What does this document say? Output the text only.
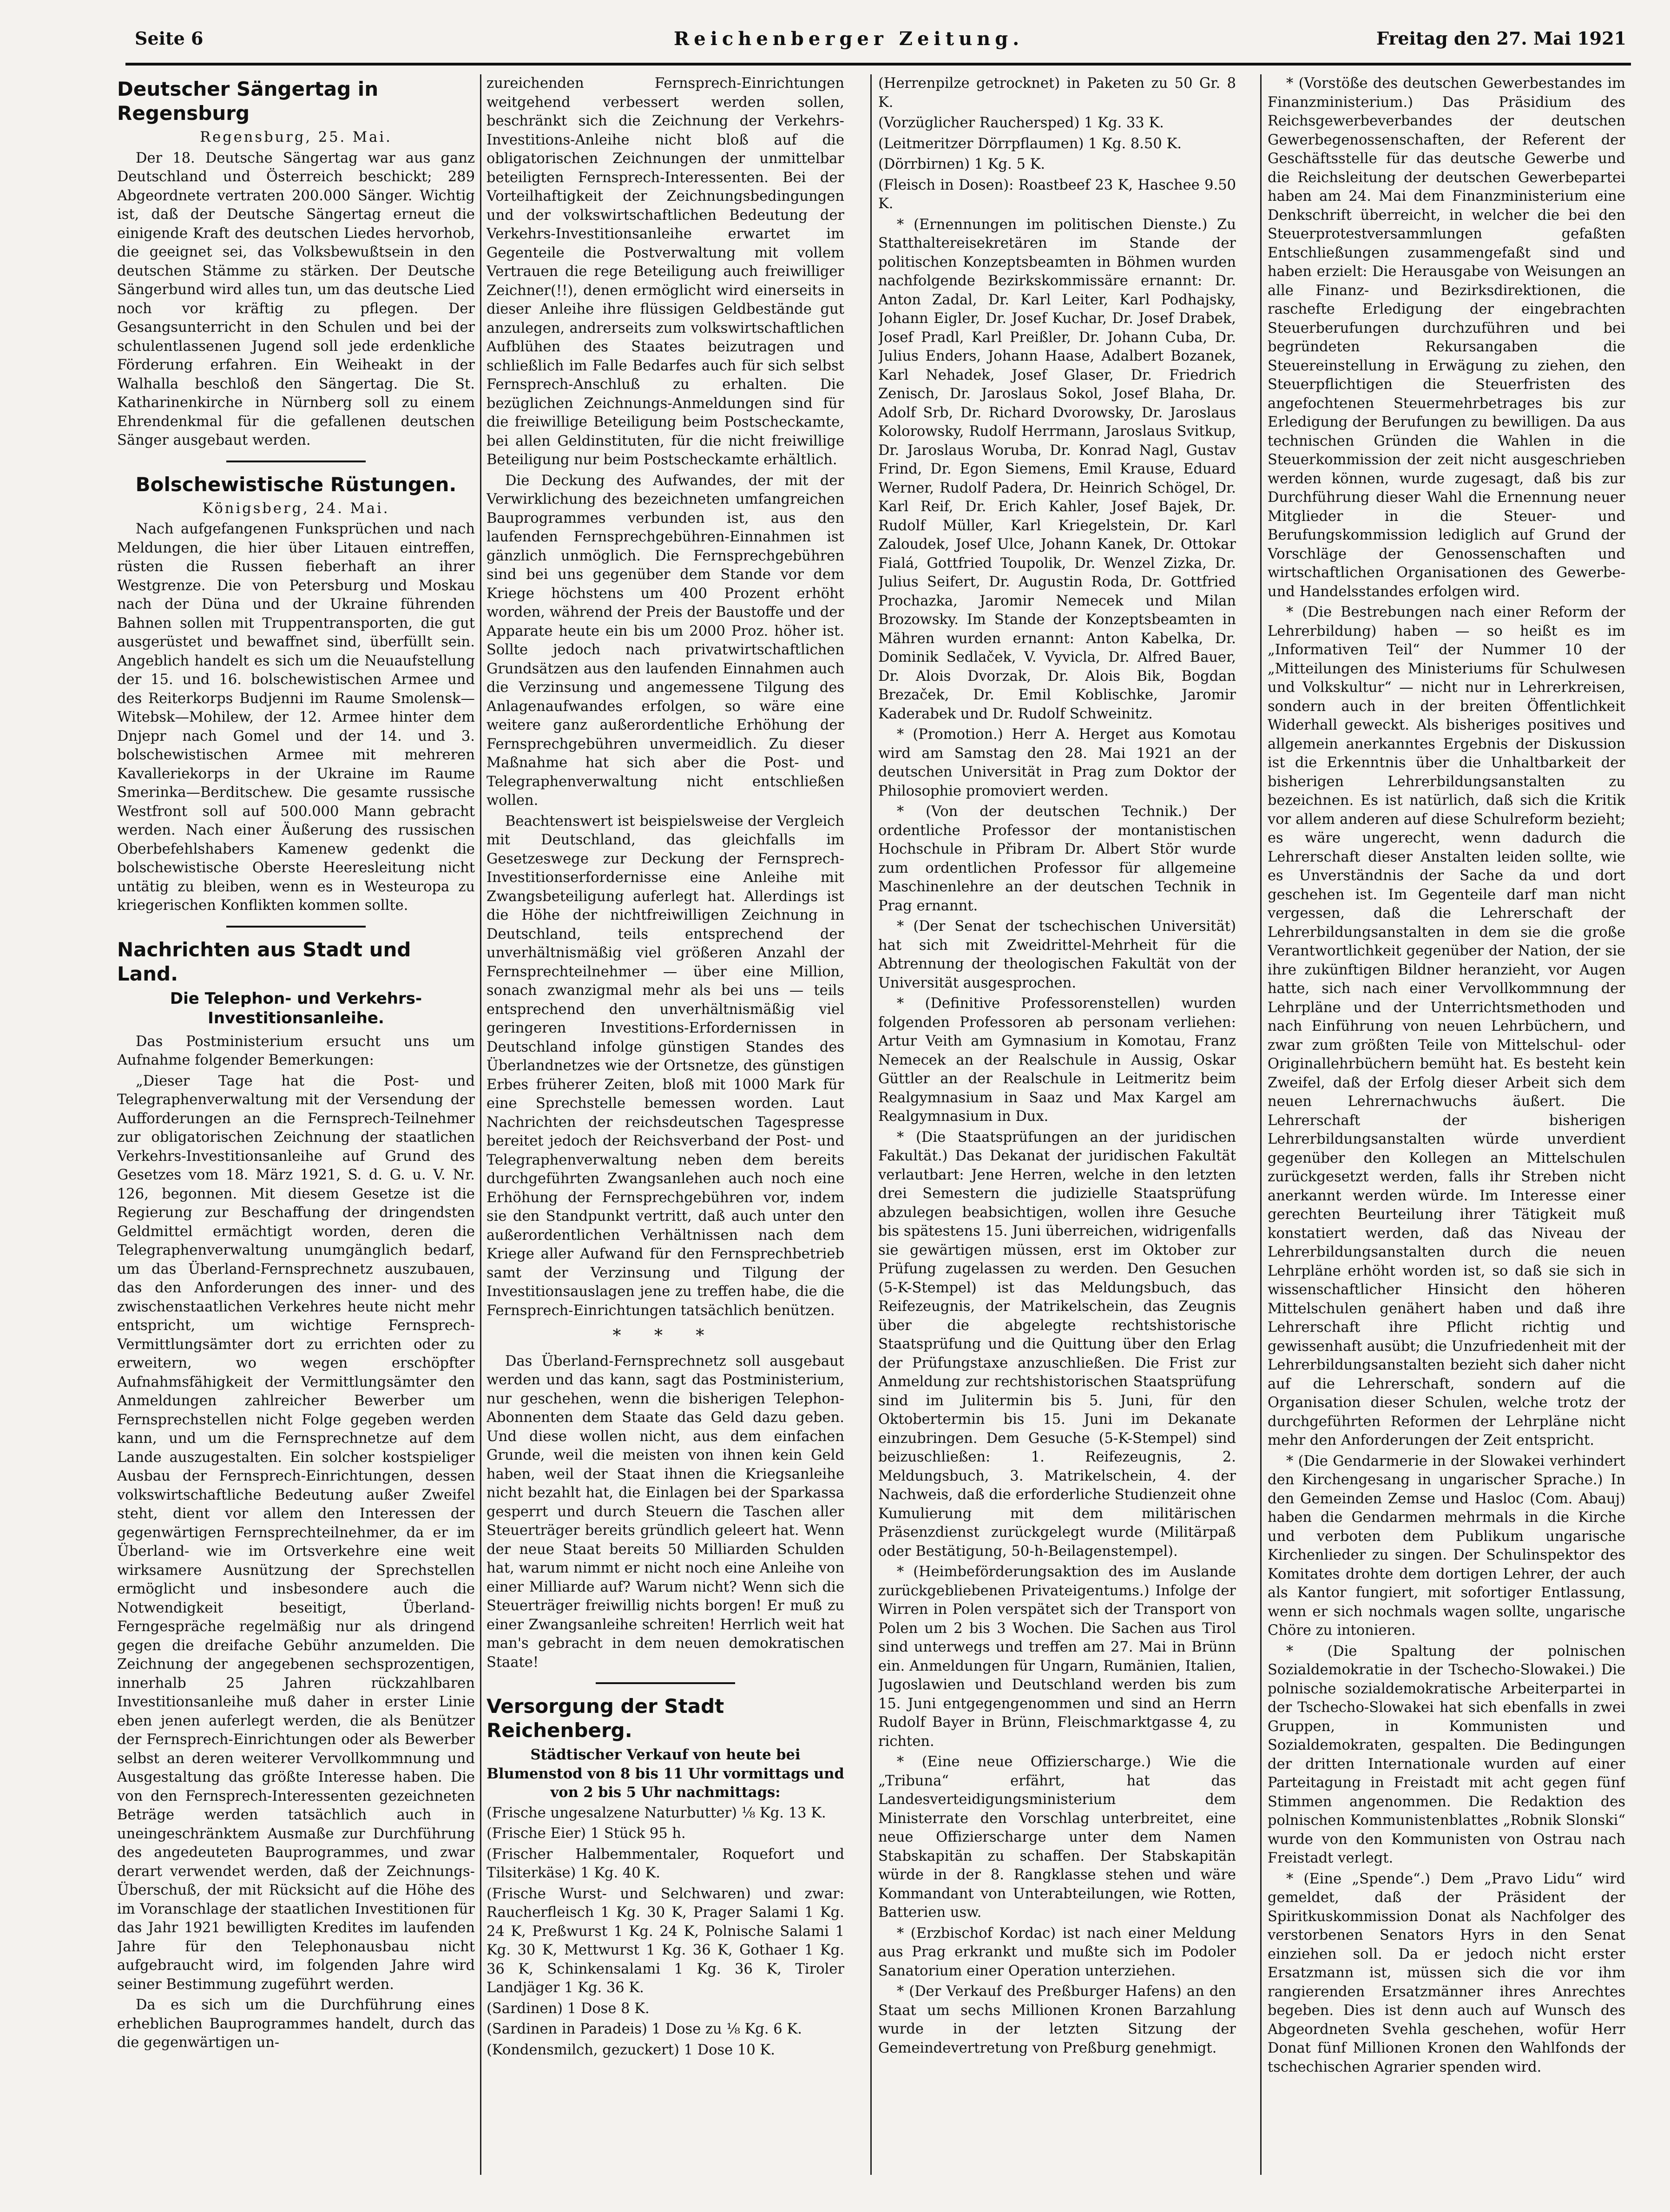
Seite 6	Reichenberger Zeitung.	Freitag den 27. Mai 1921
Deutscher Sängertag in Regensburg
Regensburg, 25. Mai.

Der 18. Deutsche Sängertag war aus ganz Deutschland und Österreich beschickt; 289 Abgeordnete vertraten 200.000 Sänger. Wichtig ist, daß der Deutsche Sängertag erneut die einigende Kraft des deutschen Liedes hervorhob, die geeignet sei, das Volksbewußtsein in den deutschen Stämme zu stärken. Der Deutsche Sängerbund wird alles tun, um das deutsche Lied noch vor kräftig zu pflegen. Der Gesangsunterricht in den Schulen und bei der schulentlassenen Jugend soll jede erdenkliche Förderung erfahren. Ein Weiheakt in der Walhalla beschloß den Sängertag. Die St. Katharinenkirche in Nürnberg soll zu einem Ehrendenkmal für die gefallenen deutschen Sänger ausgebaut werden.

Bolschewistische Rüstungen.
Königsberg, 24. Mai.

Nach aufgefangenen Funksprüchen und nach Meldungen, die hier über Litauen eintreffen, rüsten die Russen fieberhaft an ihrer Westgrenze. Die von Petersburg und Moskau nach der Düna und der Ukraine führenden Bahnen sollen mit Truppentransporten, die gut ausgerüstet und bewaffnet sind, überfüllt sein. Angeblich handelt es sich um die Neuaufstellung der 15. und 16. bolschewistischen Armee und des Reiterkorps Budjenni im Raume Smolensk—Witebsk—Mohilew, der 12. Armee hinter dem Dnjepr nach Gomel und der 14. und 3. bolschewistischen Armee mit mehreren Kavalleriekorps in der Ukraine im Raume Smerinka—Berditschew. Die gesamte russische Westfront soll auf 500.000 Mann gebracht werden. Nach einer Äußerung des russischen Oberbefehlshabers Kamenew gedenkt die bolschewistische Oberste Heeresleitung nicht untätig zu bleiben, wenn es in Westeuropa zu kriegerischen Konflikten kommen sollte.

Nachrichten aus Stadt und Land.
Die Telephon- und Verkehrs-Investitionsanleihe.

Das Postministerium ersucht uns um Aufnahme folgender Bemerkungen:

„Dieser Tage hat die Post- und Telegraphenverwaltung mit der Versendung der Aufforderungen an die Fernsprech-Teilnehmer zur obligatorischen Zeichnung der staatlichen Verkehrs-Investitionsanleihe auf Grund des Gesetzes vom 18. März 1921, S. d. G. u. V. Nr. 126, begonnen. Mit diesem Gesetze ist die Regierung zur Beschaffung der dringendsten Geldmittel ermächtigt worden, deren die Telegraphenverwaltung unumgänglich bedarf, um das Überland-Fernsprechnetz auszubauen, das den Anforderungen des inner- und des zwischenstaatlichen Verkehres heute nicht mehr entspricht, um wichtige Fernsprech-Vermittlungsämter dort zu errichten oder zu erweitern, wo wegen erschöpfter Aufnahmsfähigkeit der Vermittlungsämter den Anmeldungen zahlreicher Bewerber um Fernsprechstellen nicht Folge gegeben werden kann, und um die Fernsprechnetze auf dem Lande auszugestalten. Ein solcher kostspieliger Ausbau der Fernsprech-Einrichtungen, dessen volkswirtschaftliche Bedeutung außer Zweifel steht, dient vor allem den Interessen der gegenwärtigen Fernsprechteilnehmer, da er im Überland- wie im Ortsverkehre eine weit wirksamere Ausnützung der Sprechstellen ermöglicht und insbesondere auch die Notwendigkeit beseitigt, Überland-Ferngespräche regelmäßig nur als dringend gegen die dreifache Gebühr anzumelden. Die Zeichnung der angegebenen sechsprozentigen, innerhalb 25 Jahren rückzahlbaren Investitionsanleihe muß daher in erster Linie eben jenen auferlegt werden, die als Benützer der Fernsprech-Einrichtungen oder als Bewerber selbst an deren weiterer Vervollkommnung und Ausgestaltung das größte Interesse haben. Die von den Fernsprech-Interessenten gezeichneten Beträge werden tatsächlich auch in uneingeschränktem Ausmaße zur Durchführung des angedeuteten Bauprogrammes, und zwar derart verwendet werden, daß der Zeichnungs-Überschuß, der mit Rücksicht auf die Höhe des im Voranschlage der staatlichen Investitionen für das Jahr 1921 bewilligten Kredites im laufenden Jahre für den Telephonausbau nicht aufgebraucht wird, im folgenden Jahre wird seiner Bestimmung zugeführt werden.

Da es sich um die Durchführung eines erheblichen Bauprogrammes handelt, durch das die gegenwärtigen un-

zureichenden Fernsprech-Einrichtungen weitgehend verbessert werden sollen, beschränkt sich die Zeichnung der Verkehrs-Investitions-Anleihe nicht bloß auf die obligatorischen Zeichnungen der unmittelbar beteiligten Fernsprech-Interessenten. Bei der Vorteilhaftigkeit der Zeichnungsbedingungen und der volkswirtschaftlichen Bedeutung der Verkehrs-Investitionsanleihe erwartet im Gegenteile die Postverwaltung mit vollem Vertrauen die rege Beteiligung auch freiwilliger Zeichner(!!), denen ermöglicht wird einerseits in dieser Anleihe ihre flüssigen Geldbestände gut anzulegen, andrerseits zum volkswirtschaftlichen Aufblühen des Staates beizutragen und schließlich im Falle Bedarfes auch für sich selbst Fernsprech-Anschluß zu erhalten. Die bezüglichen Zeichnungs-Anmeldungen sind für die freiwillige Beteiligung beim Postscheckamte, bei allen Geldinstituten, für die nicht freiwillige Beteiligung nur beim Postscheckamte erhältlich.

Die Deckung des Aufwandes, der mit der Verwirklichung des bezeichneten umfangreichen Bauprogrammes verbunden ist, aus den laufenden Fernsprechgebühren-Einnahmen ist gänzlich unmöglich. Die Fernsprechgebühren sind bei uns gegenüber dem Stande vor dem Kriege höchstens um 400 Prozent erhöht worden, während der Preis der Baustoffe und der Apparate heute ein bis um 2000 Proz. höher ist. Sollte jedoch nach privatwirtschaftlichen Grundsätzen aus den laufenden Einnahmen auch die Verzinsung und angemessene Tilgung des Anlagenaufwandes erfolgen, so wäre eine weitere ganz außerordentliche Erhöhung der Fernsprechgebühren unvermeidlich. Zu dieser Maßnahme hat sich aber die Post- und Telegraphenverwaltung nicht entschließen wollen.

Beachtenswert ist beispielsweise der Vergleich mit Deutschland, das gleichfalls im Gesetzeswege zur Deckung der Fernsprech-Investitionserfordernisse eine Anleihe mit Zwangsbeteiligung auferlegt hat. Allerdings ist die Höhe der nichtfreiwilligen Zeichnung in Deutschland, teils entsprechend der unverhältnismäßig viel größeren Anzahl der Fernsprechteilnehmer — über eine Million, sonach zwanzigmal mehr als bei uns — teils entsprechend den unverhältnismäßig viel geringeren Investitions-Erfordernissen in Deutschland infolge günstigen Standes des Überlandnetzes wie der Ortsnetze, des günstigen Erbes früherer Zeiten, bloß mit 1000 Mark für eine Sprechstelle bemessen worden. Laut Nachrichten der reichsdeutschen Tagespresse bereitet jedoch der Reichsverband der Post- und Telegraphenverwaltung neben dem bereits durchgeführten Zwangsanlehen auch noch eine Erhöhung der Fernsprechgebühren vor, indem sie den Standpunkt vertritt, daß auch unter den außerordentlichen Verhältnissen nach dem Kriege aller Aufwand für den Fernsprechbetrieb samt der Verzinsung und Tilgung der Investitionsauslagen jene zu treffen habe, die die Fernsprech-Einrichtungen tatsächlich benützen.

* * *

Das Überland-Fernsprechnetz soll ausgebaut werden und das kann, sagt das Postministerium, nur geschehen, wenn die bisherigen Telephon-Abonnenten dem Staate das Geld dazu geben. Und diese wollen nicht, aus dem einfachen Grunde, weil die meisten von ihnen kein Geld haben, weil der Staat ihnen die Kriegsanleihe nicht bezahlt hat, die Einlagen bei der Sparkassa gesperrt und durch Steuern die Taschen aller Steuerträger bereits gründlich geleert hat. Wenn der neue Staat bereits 50 Milliarden Schulden hat, warum nimmt er nicht noch eine Anleihe von einer Milliarde auf? Warum nicht? Wenn sich die Steuerträger freiwillig nichts borgen! Er muß zu einer Zwangsanleihe schreiten! Herrlich weit hat man's gebracht in dem neuen demokratischen Staate!

Versorgung der Stadt Reichenberg.

Städtischer Verkauf von heute bei Blumenstod von 8 bis 11 Uhr vormittags und von 2 bis 5 Uhr nachmittags:

(Frische ungesalzene Naturbutter) ⅛ Kg. 13 K.

(Frische Eier) 1 Stück 95 h.

(Frischer Halbemmentaler, Roquefort und Tilsiterkäse) 1 Kg. 40 K.

(Frische Wurst- und Selchwaren) und zwar: Raucherfleisch 1 Kg. 30 K, Prager Salami 1 Kg. 24 K, Preßwurst 1 Kg. 24 K, Polnische Salami 1 Kg. 30 K, Mettwurst 1 Kg. 36 K, Gothaer 1 Kg. 36 K, Schinkensalami 1 Kg. 36 K, Tiroler Landjäger 1 Kg. 36 K.

(Sardinen) 1 Dose 8 K.

(Sardinen in Paradeis) 1 Dose zu ⅛ Kg. 6 K.

(Kondensmilch, gezuckert) 1 Dose 10 K.

(Herrenpilze getrocknet) in Paketen zu 50 Gr. 8 K.

(Vorzüglicher Rauchersped) 1 Kg. 33 K.

(Leitmeritzer Dörrpflaumen) 1 Kg. 8.50 K.

(Dörrbirnen) 1 Kg. 5 K.

(Fleisch in Dosen): Roastbeef 23 K, Haschee 9.50 K.

* (Ernennungen im politischen Dienste.) Zu Statthaltereisekretären im Stande der politischen Konzeptsbeamten in Böhmen wurden nachfolgende Bezirkskommissäre ernannt: Dr. Anton Zadal, Dr. Karl Leiter, Karl Podhajsky, Johann Eigler, Dr. Josef Kuchar, Dr. Josef Drabek, Josef Pradl, Karl Preißler, Dr. Johann Cuba, Dr. Julius Enders, Johann Haase, Adalbert Bozanek, Karl Nehadek, Josef Glaser, Dr. Friedrich Zenisch, Dr. Jaroslaus Sokol, Josef Blaha, Dr. Adolf Srb, Dr. Richard Dvorowsky, Dr. Jaroslaus Kolorowsky, Rudolf Herrmann, Jaroslaus Svitkup, Dr. Jaroslaus Woruba, Dr. Konrad Nagl, Gustav Frind, Dr. Egon Siemens, Emil Krause, Eduard Werner, Rudolf Padera, Dr. Heinrich Schögel, Dr. Karl Reif, Dr. Erich Kahler, Josef Bajek, Dr. Rudolf Müller, Karl Kriegelstein, Dr. Karl Zaloudek, Josef Ulce, Johann Kanek, Dr. Ottokar Fialá, Gottfried Toupolik, Dr. Wenzel Zizka, Dr. Julius Seifert, Dr. Augustin Roda, Dr. Gottfried Prochazka, Jaromir Nemecek und Milan Brozowsky. Im Stande der Konzeptsbeamten in Mähren wurden ernannt: Anton Kabelka, Dr. Dominik Sedlaček, V. Vyvicla, Dr. Alfred Bauer, Dr. Alois Dvorzak, Dr. Alois Bik, Bogdan Brezaček, Dr. Emil Koblischke, Jaromir Kaderabek und Dr. Rudolf Schweinitz.

* (Promotion.) Herr A. Herget aus Komotau wird am Samstag den 28. Mai 1921 an der deutschen Universität in Prag zum Doktor der Philosophie promoviert werden.

* (Von der deutschen Technik.) Der ordentliche Professor der montanistischen Hochschule in Přibram Dr. Albert Stör wurde zum ordentlichen Professor für allgemeine Maschinenlehre an der deutschen Technik in Prag ernannt.

* (Der Senat der tschechischen Universität) hat sich mit Zweidrittel-Mehrheit für die Abtrennung der theologischen Fakultät von der Universität ausgesprochen.

* (Definitive Professorenstellen) wurden folgenden Professoren ab personam verliehen: Artur Veith am Gymnasium in Komotau, Franz Nemecek an der Realschule in Aussig, Oskar Güttler an der Realschule in Leitmeritz beim Realgymnasium in Saaz und Max Kargel am Realgymnasium in Dux.

* (Die Staatsprüfungen an der juridischen Fakultät.) Das Dekanat der juridischen Fakultät verlautbart: Jene Herren, welche in den letzten drei Semestern die judizielle Staatsprüfung abzulegen beabsichtigen, wollen ihre Gesuche bis spätestens 15. Juni überreichen, widrigenfalls sie gewärtigen müssen, erst im Oktober zur Prüfung zugelassen zu werden. Den Gesuchen (5-K-Stempel) ist das Meldungsbuch, das Reifezeugnis, der Matrikelschein, das Zeugnis über die abgelegte rechtshistorische Staatsprüfung und die Quittung über den Erlag der Prüfungstaxe anzuschließen. Die Frist zur Anmeldung zur rechtshistorischen Staatsprüfung sind im Julitermin bis 5. Juni, für den Oktobertermin bis 15. Juni im Dekanate einzubringen. Dem Gesuche (5-K-Stempel) sind beizuschließen: 1. Reifezeugnis, 2. Meldungsbuch, 3. Matrikelschein, 4. der Nachweis, daß die erforderliche Studienzeit ohne Kumulierung mit dem militärischen Präsenzdienst zurückgelegt wurde (Militärpaß oder Bestätigung, 50-h-Beilagenstempel).

* (Heimbeförderungsaktion des im Auslande zurückgebliebenen Privateigentums.) Infolge der Wirren in Polen verspätet sich der Transport von Polen um 2 bis 3 Wochen. Die Sachen aus Tirol sind unterwegs und treffen am 27. Mai in Brünn ein. Anmeldungen für Ungarn, Rumänien, Italien, Jugoslawien und Deutschland werden bis zum 15. Juni entgegengenommen und sind an Herrn Rudolf Bayer in Brünn, Fleischmarktgasse 4, zu richten.

* (Eine neue Offizierscharge.) Wie die „Tribuna“ erfährt, hat das Landesverteidigungsministerium dem Ministerrate den Vorschlag unterbreitet, eine neue Offizierscharge unter dem Namen Stabskapitän zu schaffen. Der Stabskapitän würde in der 8. Rangklasse stehen und wäre Kommandant von Unterabteilungen, wie Rotten, Batterien usw.

* (Erzbischof Kordac) ist nach einer Meldung aus Prag erkrankt und mußte sich im Podoler Sanatorium einer Operation unterziehen.

* (Der Verkauf des Preßburger Hafens) an den Staat um sechs Millionen Kronen Barzahlung wurde in der letzten Sitzung der Gemeindevertretung von Preßburg genehmigt.

* (Vorstöße des deutschen Gewerbestandes im Finanzministerium.) Das Präsidium des Reichsgewerbeverbandes der deutschen Gewerbegenossenschaften, der Referent der Geschäftsstelle für das deutsche Gewerbe und die Reichsleitung der deutschen Gewerbepartei haben am 24. Mai dem Finanzministerium eine Denkschrift überreicht, in welcher die bei den Steuerprotestversammlungen gefaßten Entschließungen zusammengefaßt sind und haben erzielt: Die Herausgabe von Weisungen an alle Finanz- und Bezirksdirektionen, die raschefte Erledigung der eingebrachten Steuerberufungen durchzuführen und bei begründeten Rekursangaben die Steuereinstellung in Erwägung zu ziehen, den Steuerpflichtigen die Steuerfristen des angefochtenen Steuermehrbetrages bis zur Erledigung der Berufungen zu bewilligen. Da aus technischen Gründen die Wahlen in die Steuerkommission der zeit nicht ausgeschrieben werden können, wurde zugesagt, daß bis zur Durchführung dieser Wahl die Ernennung neuer Mitglieder in die Steuer- und Berufungskommission lediglich auf Grund der Vorschläge der Genossenschaften und wirtschaftlichen Organisationen des Gewerbe- und Handelsstandes erfolgen wird.

* (Die Bestrebungen nach einer Reform der Lehrerbildung) haben — so heißt es im „Informativen Teil“ der Nummer 10 der „Mitteilungen des Ministeriums für Schulwesen und Volkskultur“ — nicht nur in Lehrerkreisen, sondern auch in der breiten Öffentlichkeit Widerhall geweckt. Als bisheriges positives und allgemein anerkanntes Ergebnis der Diskussion ist die Erkenntnis über die Unhaltbarkeit der bisherigen Lehrerbildungsanstalten zu bezeichnen. Es ist natürlich, daß sich die Kritik vor allem anderen auf diese Schulreform bezieht; es wäre ungerecht, wenn dadurch die Lehrerschaft dieser Anstalten leiden sollte, wie es Unverständnis der Sache da und dort geschehen ist. Im Gegenteile darf man nicht vergessen, daß die Lehrerschaft der Lehrerbildungsanstalten in dem sie die große Verantwortlichkeit gegenüber der Nation, der sie ihre zukünftigen Bildner heranzieht, vor Augen hatte, sich nach einer Vervollkommnung der Lehrpläne und der Unterrichtsmethoden und nach Einführung von neuen Lehrbüchern, und zwar zum größten Teile von Mittelschul- oder Originallehrbüchern bemüht hat. Es besteht kein Zweifel, daß der Erfolg dieser Arbeit sich dem neuen Lehrernachwuchs äußert. Die Lehrerschaft der bisherigen Lehrerbildungsanstalten würde unverdient gegenüber den Kollegen an Mittelschulen zurückgesetzt werden, falls ihr Streben nicht anerkannt werden würde. Im Interesse einer gerechten Beurteilung ihrer Tätigkeit muß konstatiert werden, daß das Niveau der Lehrerbildungsanstalten durch die neuen Lehrpläne erhöht worden ist, so daß sie sich in wissenschaftlicher Hinsicht den höheren Mittelschulen genähert haben und daß ihre Lehrerschaft ihre Pflicht richtig und gewissenhaft ausübt; die Unzufriedenheit mit der Lehrerbildungsanstalten bezieht sich daher nicht auf die Lehrerschaft, sondern auf die Organisation dieser Schulen, welche trotz der durchgeführten Reformen der Lehrpläne nicht mehr den Anforderungen der Zeit entspricht.

* (Die Gendarmerie in der Slowakei verhindert den Kirchengesang in ungarischer Sprache.) In den Gemeinden Zemse und Hasloc (Com. Abauj) haben die Gendarmen mehrmals in die Kirche und verboten dem Publikum ungarische Kirchenlieder zu singen. Der Schulinspektor des Komitates drohte dem dortigen Lehrer, der auch als Kantor fungiert, mit sofortiger Entlassung, wenn er sich nochmals wagen sollte, ungarische Chöre zu intonieren.

* (Die Spaltung der polnischen Sozialdemokratie in der Tschecho-Slowakei.) Die polnische sozialdemokratische Arbeiterpartei in der Tschecho-Slowakei hat sich ebenfalls in zwei Gruppen, in Kommunisten und Sozialdemokraten, gespalten. Die Bedingungen der dritten Internationale wurden auf einer Parteitagung in Freistadt mit acht gegen fünf Stimmen angenommen. Die Redaktion des polnischen Kommunistenblattes „Robnik Slonski“ wurde von den Kommunisten von Ostrau nach Freistadt verlegt.

* (Eine „Spende“.) Dem „Pravo Lidu“ wird gemeldet, daß der Präsident der Spiritkuskommission Donat als Nachfolger des verstorbenen Senators Hyrs in den Senat einziehen soll. Da er jedoch nicht erster Ersatzmann ist, müssen sich die vor ihm rangierenden Ersatzmänner ihres Anrechtes begeben. Dies ist denn auch auf Wunsch des Abgeordneten Svehla geschehen, wofür Herr Donat fünf Millionen Kronen den Wahlfonds der tschechischen Agrarier spenden wird.
